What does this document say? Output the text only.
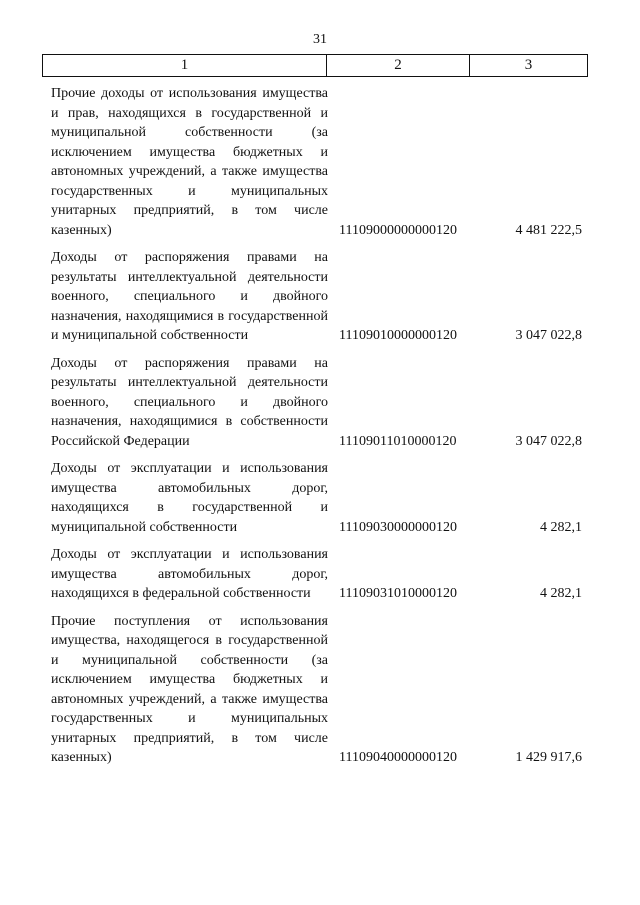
31
1	2	3
Прочие доходы от использования имущества и прав, находящихся в государственной и муниципальной собственности (за исключением имущества бюджетных и автономных учреждений, а также имущества государственных и муниципальных унитарных предприятий, в том числе казенных)	11109000000000120	4 481 222,5
Доходы от распоряжения правами на результаты интеллектуальной деятельности военного, специального и двойного назначения, находящимися в государственной и муниципальной собственности	11109010000000120	3 047 022,8
Доходы от распоряжения правами на результаты интеллектуальной деятельности военного, специального и двойного назначения, находящимися в собственности Российской Федерации	11109011010000120	3 047 022,8
Доходы от эксплуатации и использования имущества автомобильных дорог, находящихся в государственной и муниципальной собственности	11109030000000120	4 282,1
Доходы от эксплуатации и использования имущества автомобильных дорог, находящихся в федеральной собственности	11109031010000120	4 282,1
Прочие поступления от использования имущества, находящегося в государственной и муниципальной собственности (за исключением имущества бюджетных и автономных учреждений, а также имущества государственных и муниципальных унитарных предприятий, в том числе казенных)	11109040000000120	1 429 917,6
